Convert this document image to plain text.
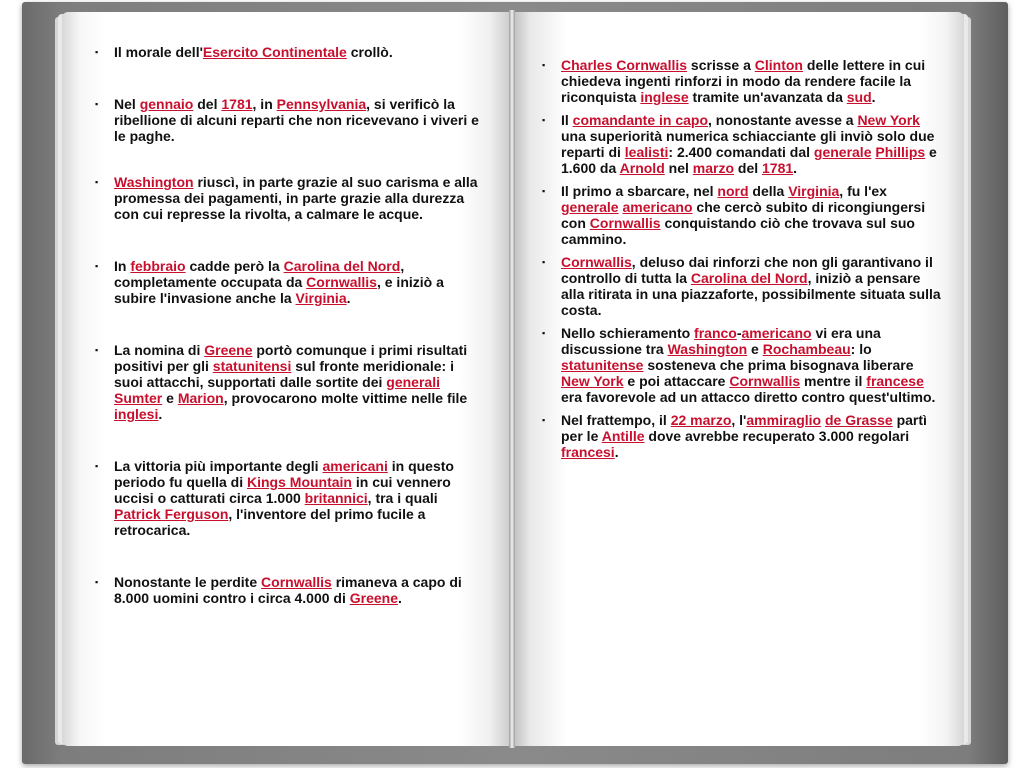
▪ Il morale dell'Esercito Continentale crollò.
▪ Nel gennaio del 1781, in Pennsylvania, si verificò la ribellione di alcuni reparti che non ricevevano i viveri e le paghe.
▪ Washington riuscì, in parte grazie al suo carisma e alla promessa dei pagamenti, in parte grazie alla durezza con cui represse la rivolta, a calmare le acque.
▪ In febbraio cadde però la Carolina del Nord, completamente occupata da Cornwallis, e iniziò a subire l'invasione anche la Virginia.
▪ La nomina di Greene portò comunque i primi risultati positivi per gli statunitensi sul fronte meridionale: i suoi attacchi, supportati dalle sortite dei generali Sumter e Marion, provocarono molte vittime nelle file inglesi.
▪ La vittoria più importante degli americani in questo periodo fu quella di Kings Mountain in cui vennero uccisi o catturati circa 1.000 britannici, tra i quali Patrick Ferguson, l'inventore del primo fucile a retrocarica.
▪ Nonostante le perdite Cornwallis rimaneva a capo di 8.000 uomini contro i circa 4.000 di Greene.
▪ Charles Cornwallis scrisse a Clinton delle lettere in cui chiedeva ingenti rinforzi in modo da rendere facile la riconquista inglese tramite un'avanzata da sud.
▪ Il comandante in capo, nonostante avesse a New York una superiorità numerica schiacciante gli inviò solo due reparti di lealisti: 2.400 comandati dal generale Phillips e 1.600 da Arnold nel marzo del 1781.
▪ Il primo a sbarcare, nel nord della Virginia, fu l'ex generale americano che cercò subito di ricongiungersi con Cornwallis conquistando ciò che trovava sul suo cammino.
▪ Cornwallis, deluso dai rinforzi che non gli garantivano il controllo di tutta la Carolina del Nord, iniziò a pensare alla ritirata in una piazzaforte, possibilmente situata sulla costa.
▪ Nello schieramento franco-americano vi era una discussione tra Washington e Rochambeau: lo statunitense sosteneva che prima bisognava liberare New York e poi attaccare Cornwallis mentre il francese era favorevole ad un attacco diretto contro quest'ultimo.
▪ Nel frattempo, il 22 marzo, l'ammiraglio de Grasse partì per le Antille dove avrebbe recuperato 3.000 regolari francesi.
